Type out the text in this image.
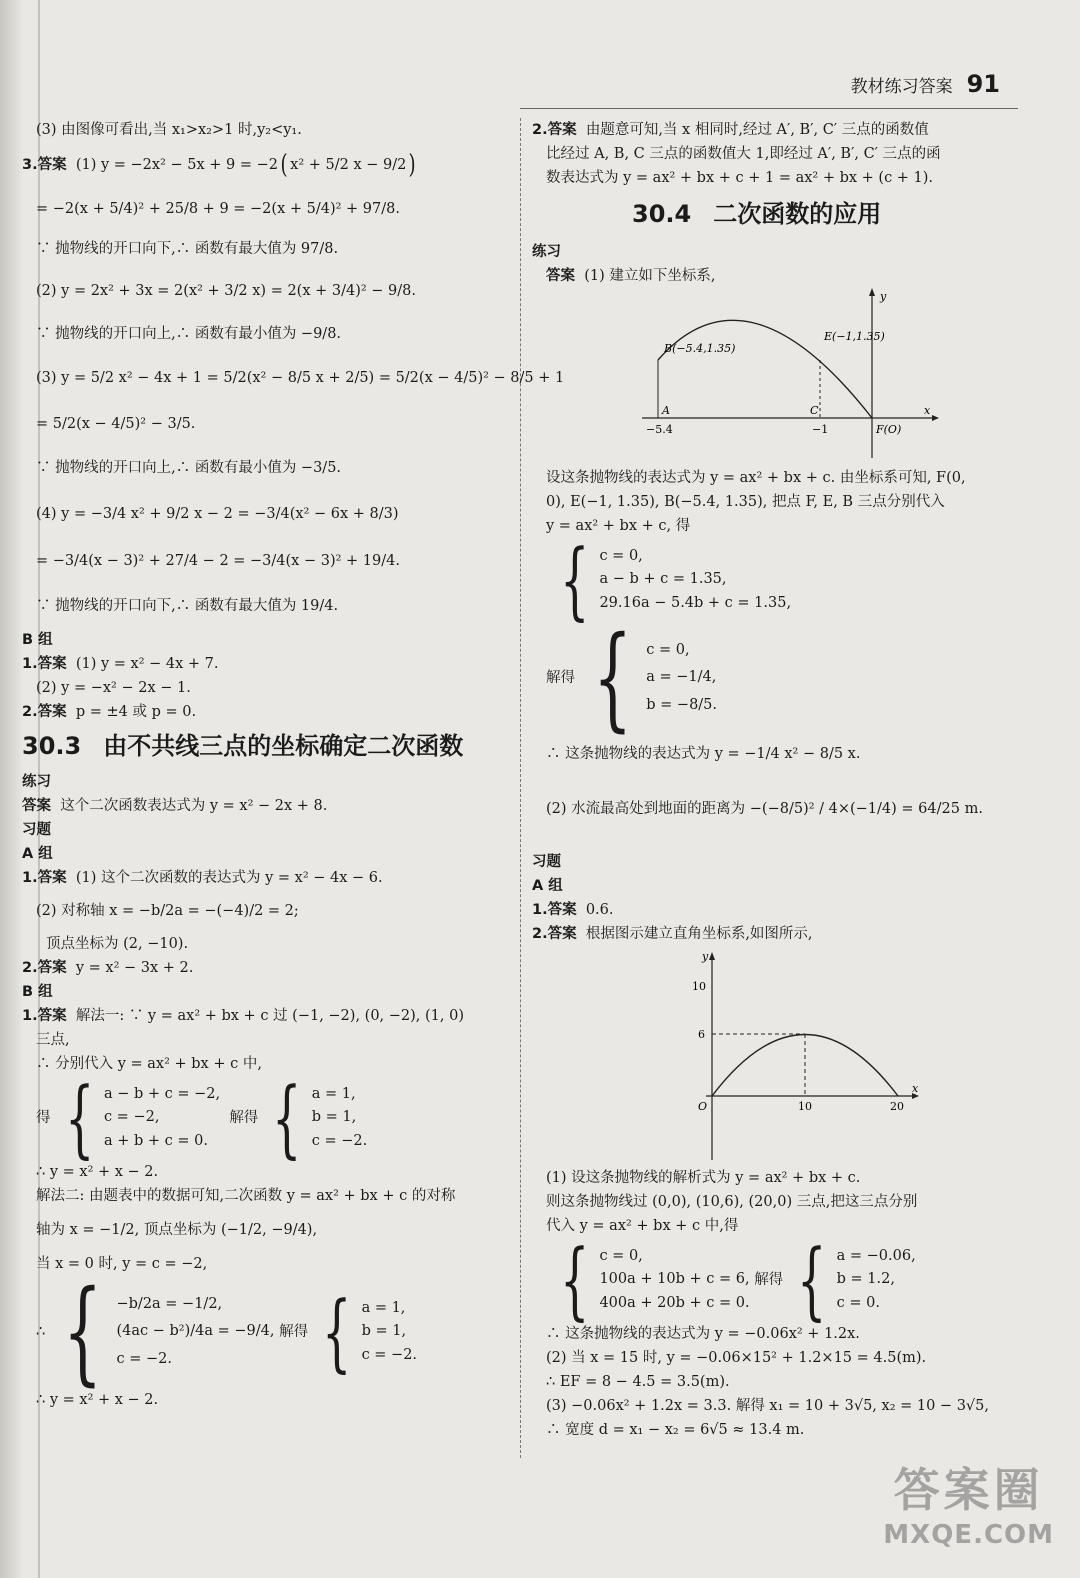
教材练习答案 91
(3) 由图像可看出,当 x₁>x₂>1 时,y₂<y₁.
3.答案
(1) y = −2x² − 5x + 9 = −2 ( x² + 5/2 x − 9/2 )
= −2(x + 5/4)² + 25/8 + 9 = −2(x + 5/4)² + 97/8.
∵ 抛物线的开口向下,∴ 函数有最大值为 97/8.
(2) y = 2x² + 3x = 2(x² + 3/2 x) = 2(x + 3/4)² − 9/8.
∵ 抛物线的开口向上,∴ 函数有最小值为 −9/8.
(3) y = 5/2 x² − 4x + 1 = 5/2(x² − 8/5 x + 2/5) = 5/2(x − 4/5)² − 8/5 + 1
= 5/2(x − 4/5)² − 3/5.
∵ 抛物线的开口向上,∴ 函数有最小值为 −3/5.
(4) y = −3/4 x² + 9/2 x − 2 = −3/4(x² − 6x + 8/3)
= −3/4(x − 3)² + 27/4 − 2 = −3/4(x − 3)² + 19/4.
∵ 抛物线的开口向下,∴ 函数有最大值为 19/4.
B 组
1.答案
(1) y = x² − 4x + 7.
(2) y = −x² − 2x − 1.
2.答案
p = ±4 或 p = 0.
30.3 由不共线三点的坐标确定二次函数
练习
答案
这个二次函数表达式为 y = x² − 2x + 8.
习题
A 组
1.答案
(1) 这个二次函数的表达式为 y = x² − 4x − 6.
(2) 对称轴 x = −b/2a = −(−4)/2 = 2;
顶点坐标为 (2, −10).
2.答案
y = x² − 3x + 2.
B 组
1.答案
解法一: ∵ y = ax² + bx + c 过 (−1, −2), (0, −2), (1, 0)
三点,
∴ 分别代入 y = ax² + bx + c 中,
得 { a − b + c = −2,
c = −2,
a + b + c = 0.

解得 { a = 1,
b = 1,
c = −2.
∴ y = x² + x − 2.
解法二: 由题表中的数据可知,二次函数 y = ax² + bx + c 的对称
轴为 x = −1/2, 顶点坐标为 (−1/2, −9/4),
当 x = 0 时, y = c = −2,
∴ { −b/2a = −1/2,
(4ac − b²)/4a = −9/4,
c = −2.

解得 { a = 1,
b = 1,
c = −2.
∴ y = x² + x − 2.
2.答案
由题意可知,当 x 相同时,经过 A′, B′, C′ 三点的函数值
比经过 A, B, C 三点的函数值大 1,即经过 A′, B′, C′ 三点的函
数表达式为 y = ax² + bx + c + 1 = ax² + bx + (c + 1).
30.4 二次函数的应用
练习
答案
(1) 建立如下坐标系,
B(−5.4,1.35)
E(−1,1.35)
A	C
F(O)
−5.4	−1
y
x
设这条抛物线的表达式为 y = ax² + bx + c. 由坐标系可知, F(0,
0), E(−1, 1.35), B(−5.4, 1.35), 把点 F, E, B 三点分别代入
y = ax² + bx + c, 得
{ c = 0,
a − b + c = 1.35,
29.16a − 5.4b + c = 1.35,
解得 { c = 0,
a = −1/4,
b = −8/5.
∴ 这条抛物线的表达式为 y = −1/4 x² − 8/5 x.
(2) 水流最高处到地面的距离为
−(−8/5)² / 4×(−1/4) = 64/25 m.
习题
A 组
1.答案
0.6.
2.答案
根据图示建立直角坐标系,如图所示,
O	10	20
6
10
y
x
(1) 设这条抛物线的解析式为 y = ax² + bx + c.
则这条抛物线过 (0,0), (10,6), (20,0) 三点,把这三点分别
代入 y = ax² + bx + c 中,得
{ c = 0,
100a + 10b + c = 6,
400a + 20b + c = 0.

解得 { a = −0.06,
b = 1.2,
c = 0.
∴ 这条抛物线的表达式为 y = −0.06x² + 1.2x.
(2) 当 x = 15 时, y = −0.06×15² + 1.2×15 = 4.5(m).
∴ EF = 8 − 4.5 = 3.5(m).
(3) −0.06x² + 1.2x = 3.3. 解得 x₁ = 10 + 3√5, x₂ = 10 − 3√5,
∴ 宽度 d = x₁ − x₂ = 6√5 ≈ 13.4 m.
答案圈
MXQE.COM
